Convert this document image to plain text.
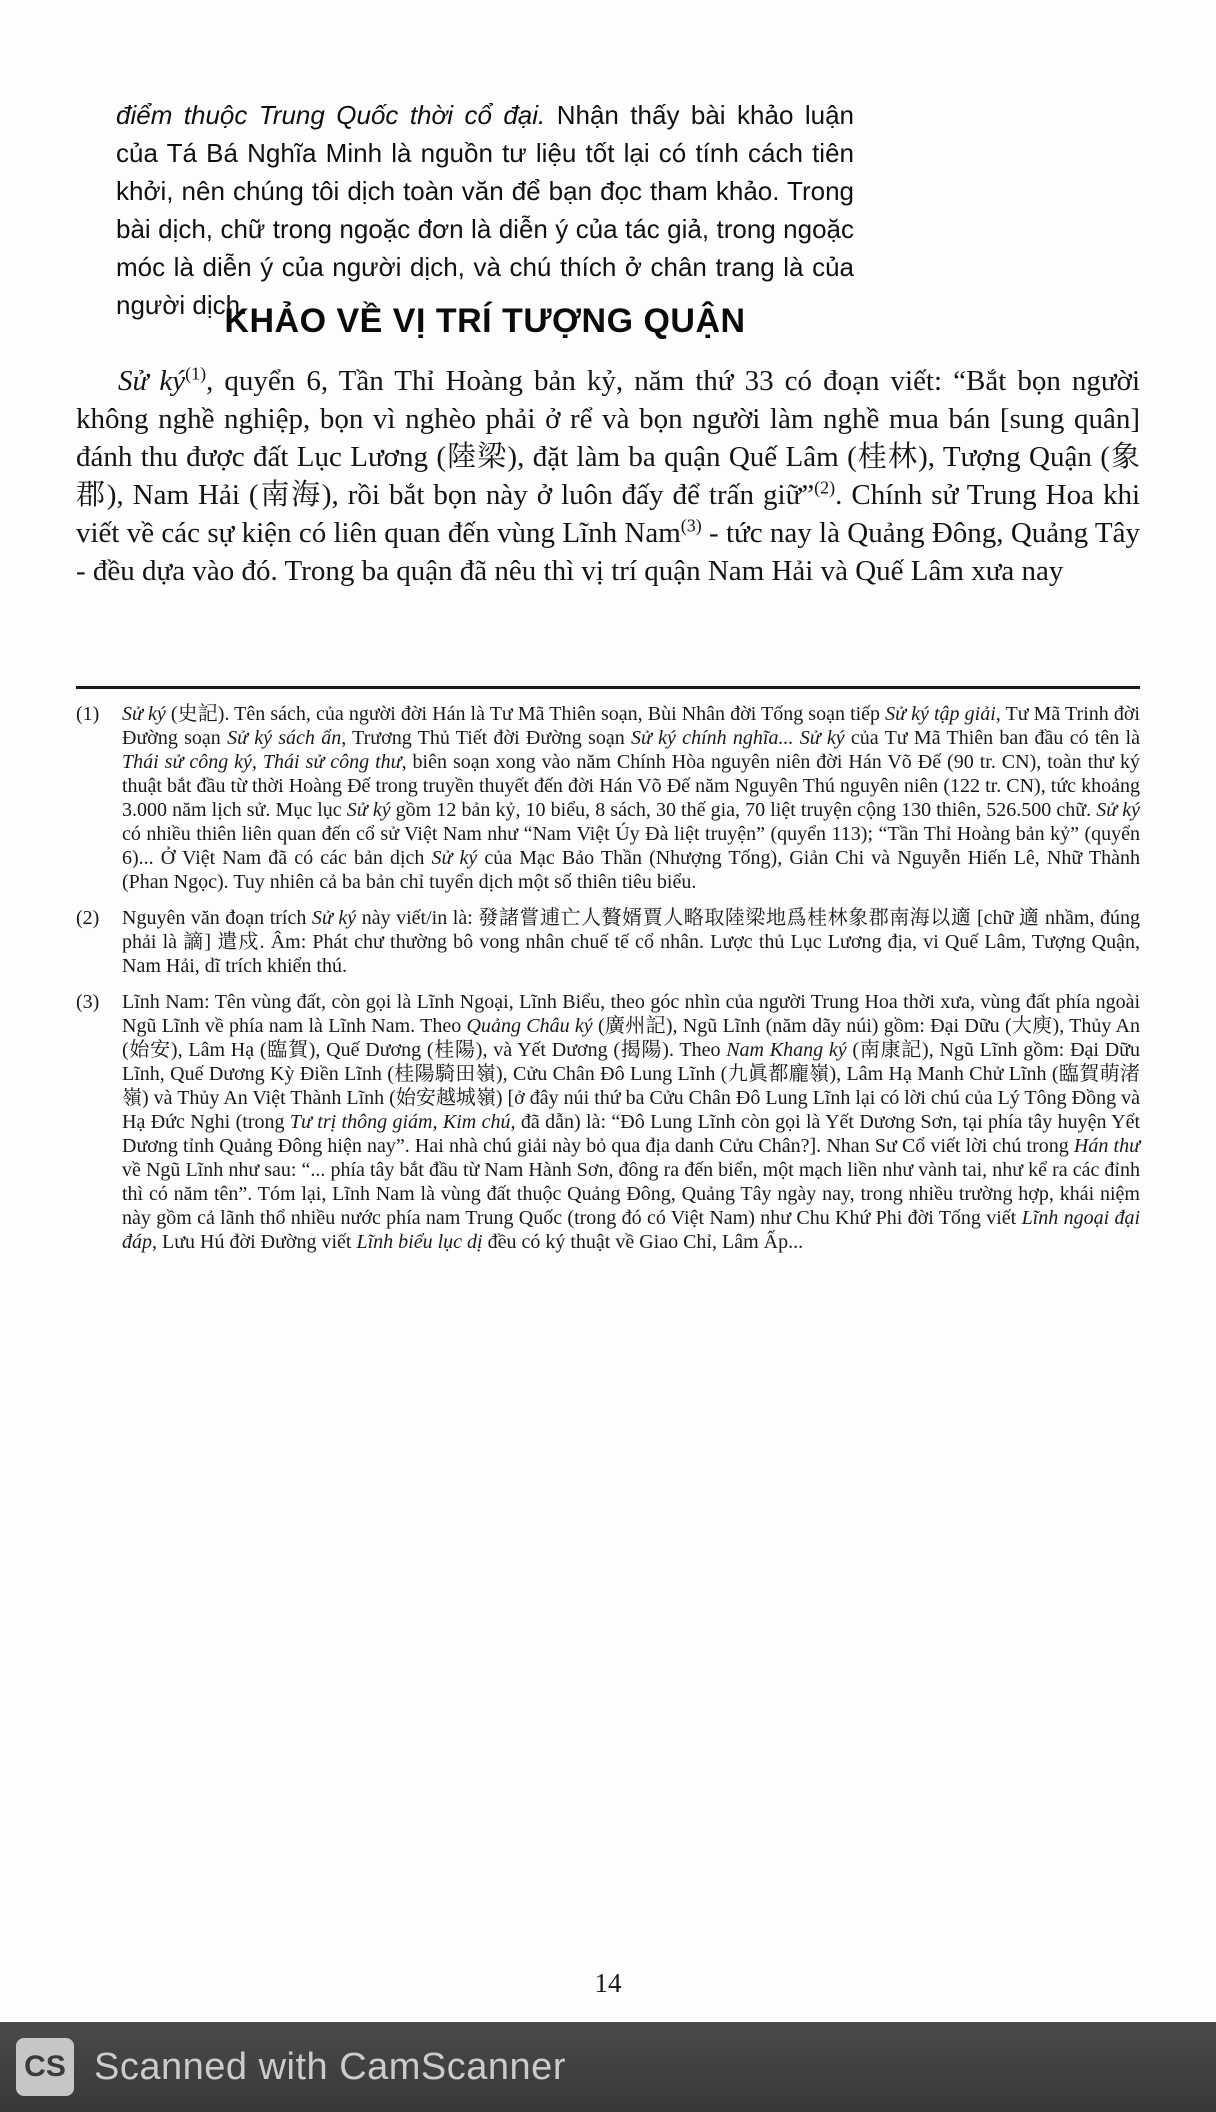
điểm thuộc Trung Quốc thời cổ đại. Nhận thấy bài khảo luận của Tá Bá Nghĩa Minh là nguồn tư liệu tốt lại có tính cách tiên khởi, nên chúng tôi dịch toàn văn để bạn đọc tham khảo. Trong bài dịch, chữ trong ngoặc đơn là diễn ý của tác giả, trong ngoặc móc là diễn ý của người dịch, và chú thích ở chân trang là của người dịch.

KHẢO VỀ VỊ TRÍ TƯỢNG QUẬN

Sử $ký^{(1)}$, quyển 6, Tần Thỉ Hoàng bản kỷ, năm thứ 33 có đoạn viết: “Bắt bọn người không nghề nghiệp, bọn vì nghèo phải ở rể và bọn người làm nghề mua bán [sung quân] đánh thu được đất Lục Lương (陸梁), đặt làm ba quận Quế Lâm (桂林), Tượng Quận (象郡), Nam Hải (南海), rồi bắt bọn này ở luôn đấy để trấn giữ”$^{(2)}$. Chính sử Trung Hoa khi viết về các sự kiện có liên quan đến vùng Lĩnh Nam$^{(3)}$ - tức nay là Quảng Đông, Quảng Tây - đều dựa vào đó. Trong ba quận đã nêu thì vị trí quận Nam Hải và Quế Lâm xưa nay

(1) Sử ký (史記). Tên sách, của người đời Hán là Tư Mã Thiên soạn, Bùi Nhân đời Tống soạn tiếp Sử ký tập giải, Tư Mã Trinh đời Đường soạn Sử ký sách ẩn, Trương Thủ Tiết đời Đường soạn Sử ký chính nghĩa... Sử ký của Tư Mã Thiên ban đầu có tên là Thái sử công ký, Thái sử công thư, biên soạn xong vào năm Chính Hòa nguyên niên đời Hán Võ Đế (90 tr. CN), toàn thư ký thuật bắt đầu từ thời Hoàng Đế trong truyền thuyết đến đời Hán Võ Đế năm Nguyên Thú nguyên niên (122 tr. CN), tức khoảng 3.000 năm lịch sử. Mục lục Sử ký gồm 12 bản kỷ, 10 biểu, 8 sách, 30 thế gia, 70 liệt truyện cộng 130 thiên, 526.500 chữ. Sử ký có nhiều thiên liên quan đến cổ sử Việt Nam như “Nam Việt Úy Đà liệt truyện” (quyển 113); “Tần Thỉ Hoàng bản kỷ” (quyển 6)... Ở Việt Nam đã có các bản dịch Sử ký của Mạc Bảo Thần (Nhượng Tống), Giản Chi và Nguyễn Hiến Lê, Nhữ Thành (Phan Ngọc). Tuy nhiên cả ba bản chỉ tuyển dịch một số thiên tiêu biểu.
(2) Nguyên văn đoạn trích Sử ký này viết/in là: 發諸嘗逋亡人贅婿賈人略取陸梁地爲桂林象郡南海以適 [chữ 適 nhầm, đúng phải là 謫] 遣戍. Âm: Phát chư thường bô vong nhân chuế tế cổ nhân. Lược thủ Lục Lương địa, vi Quế Lâm, Tượng Quận, Nam Hải, dĩ trích khiển thú.
(3) Lĩnh Nam: Tên vùng đất, còn gọi là Lĩnh Ngoại, Lĩnh Biểu, theo góc nhìn của người Trung Hoa thời xưa, vùng đất phía ngoài Ngũ Lĩnh về phía nam là Lĩnh Nam. Theo Quảng Châu ký (廣州記), Ngũ Lĩnh (năm dãy núi) gồm: Đại Dữu (大庾), Thủy An (始安), Lâm Hạ (臨賀), Quế Dương (桂陽), và Yết Dương (揭陽). Theo Nam Khang ký (南康記), Ngũ Lĩnh gồm: Đại Dữu Lĩnh, Quế Dương Kỳ Điền Lĩnh (桂陽騎田嶺), Cửu Chân Đô Lung Lĩnh (九眞都龐嶺), Lâm Hạ Manh Chử Lĩnh (臨賀萌渚嶺) và Thủy An Việt Thành Lĩnh (始安越城嶺) [ở đây núi thứ ba Cửu Chân Đô Lung Lĩnh lại có lời chú của Lý Tông Đồng và Hạ Đức Nghi (trong Tư trị thông giám, Kim chú, đã dẫn) là: “Đô Lung Lĩnh còn gọi là Yết Dương Sơn, tại phía tây huyện Yết Dương tỉnh Quảng Đông hiện nay”. Hai nhà chú giải này bỏ qua địa danh Cửu Chân?]. Nhan Sư Cổ viết lời chú trong Hán thư về Ngũ Lĩnh như sau: “... phía tây bắt đầu từ Nam Hành Sơn, đông ra đến biển, một mạch liền như vành tai, như kể ra các đỉnh thì có năm tên”. Tóm lại, Lĩnh Nam là vùng đất thuộc Quảng Đông, Quảng Tây ngày nay, trong nhiều trường hợp, khái niệm này gồm cả lãnh thổ nhiều nước phía nam Trung Quốc (trong đó có Việt Nam) như Chu Khứ Phi đời Tống viết Lĩnh ngoại đại đáp, Lưu Hú đời Đường viết Lĩnh biểu lục dị đều có ký thuật về Giao Chỉ, Lâm Ấp...
14
CS Scanned with CamScanner
